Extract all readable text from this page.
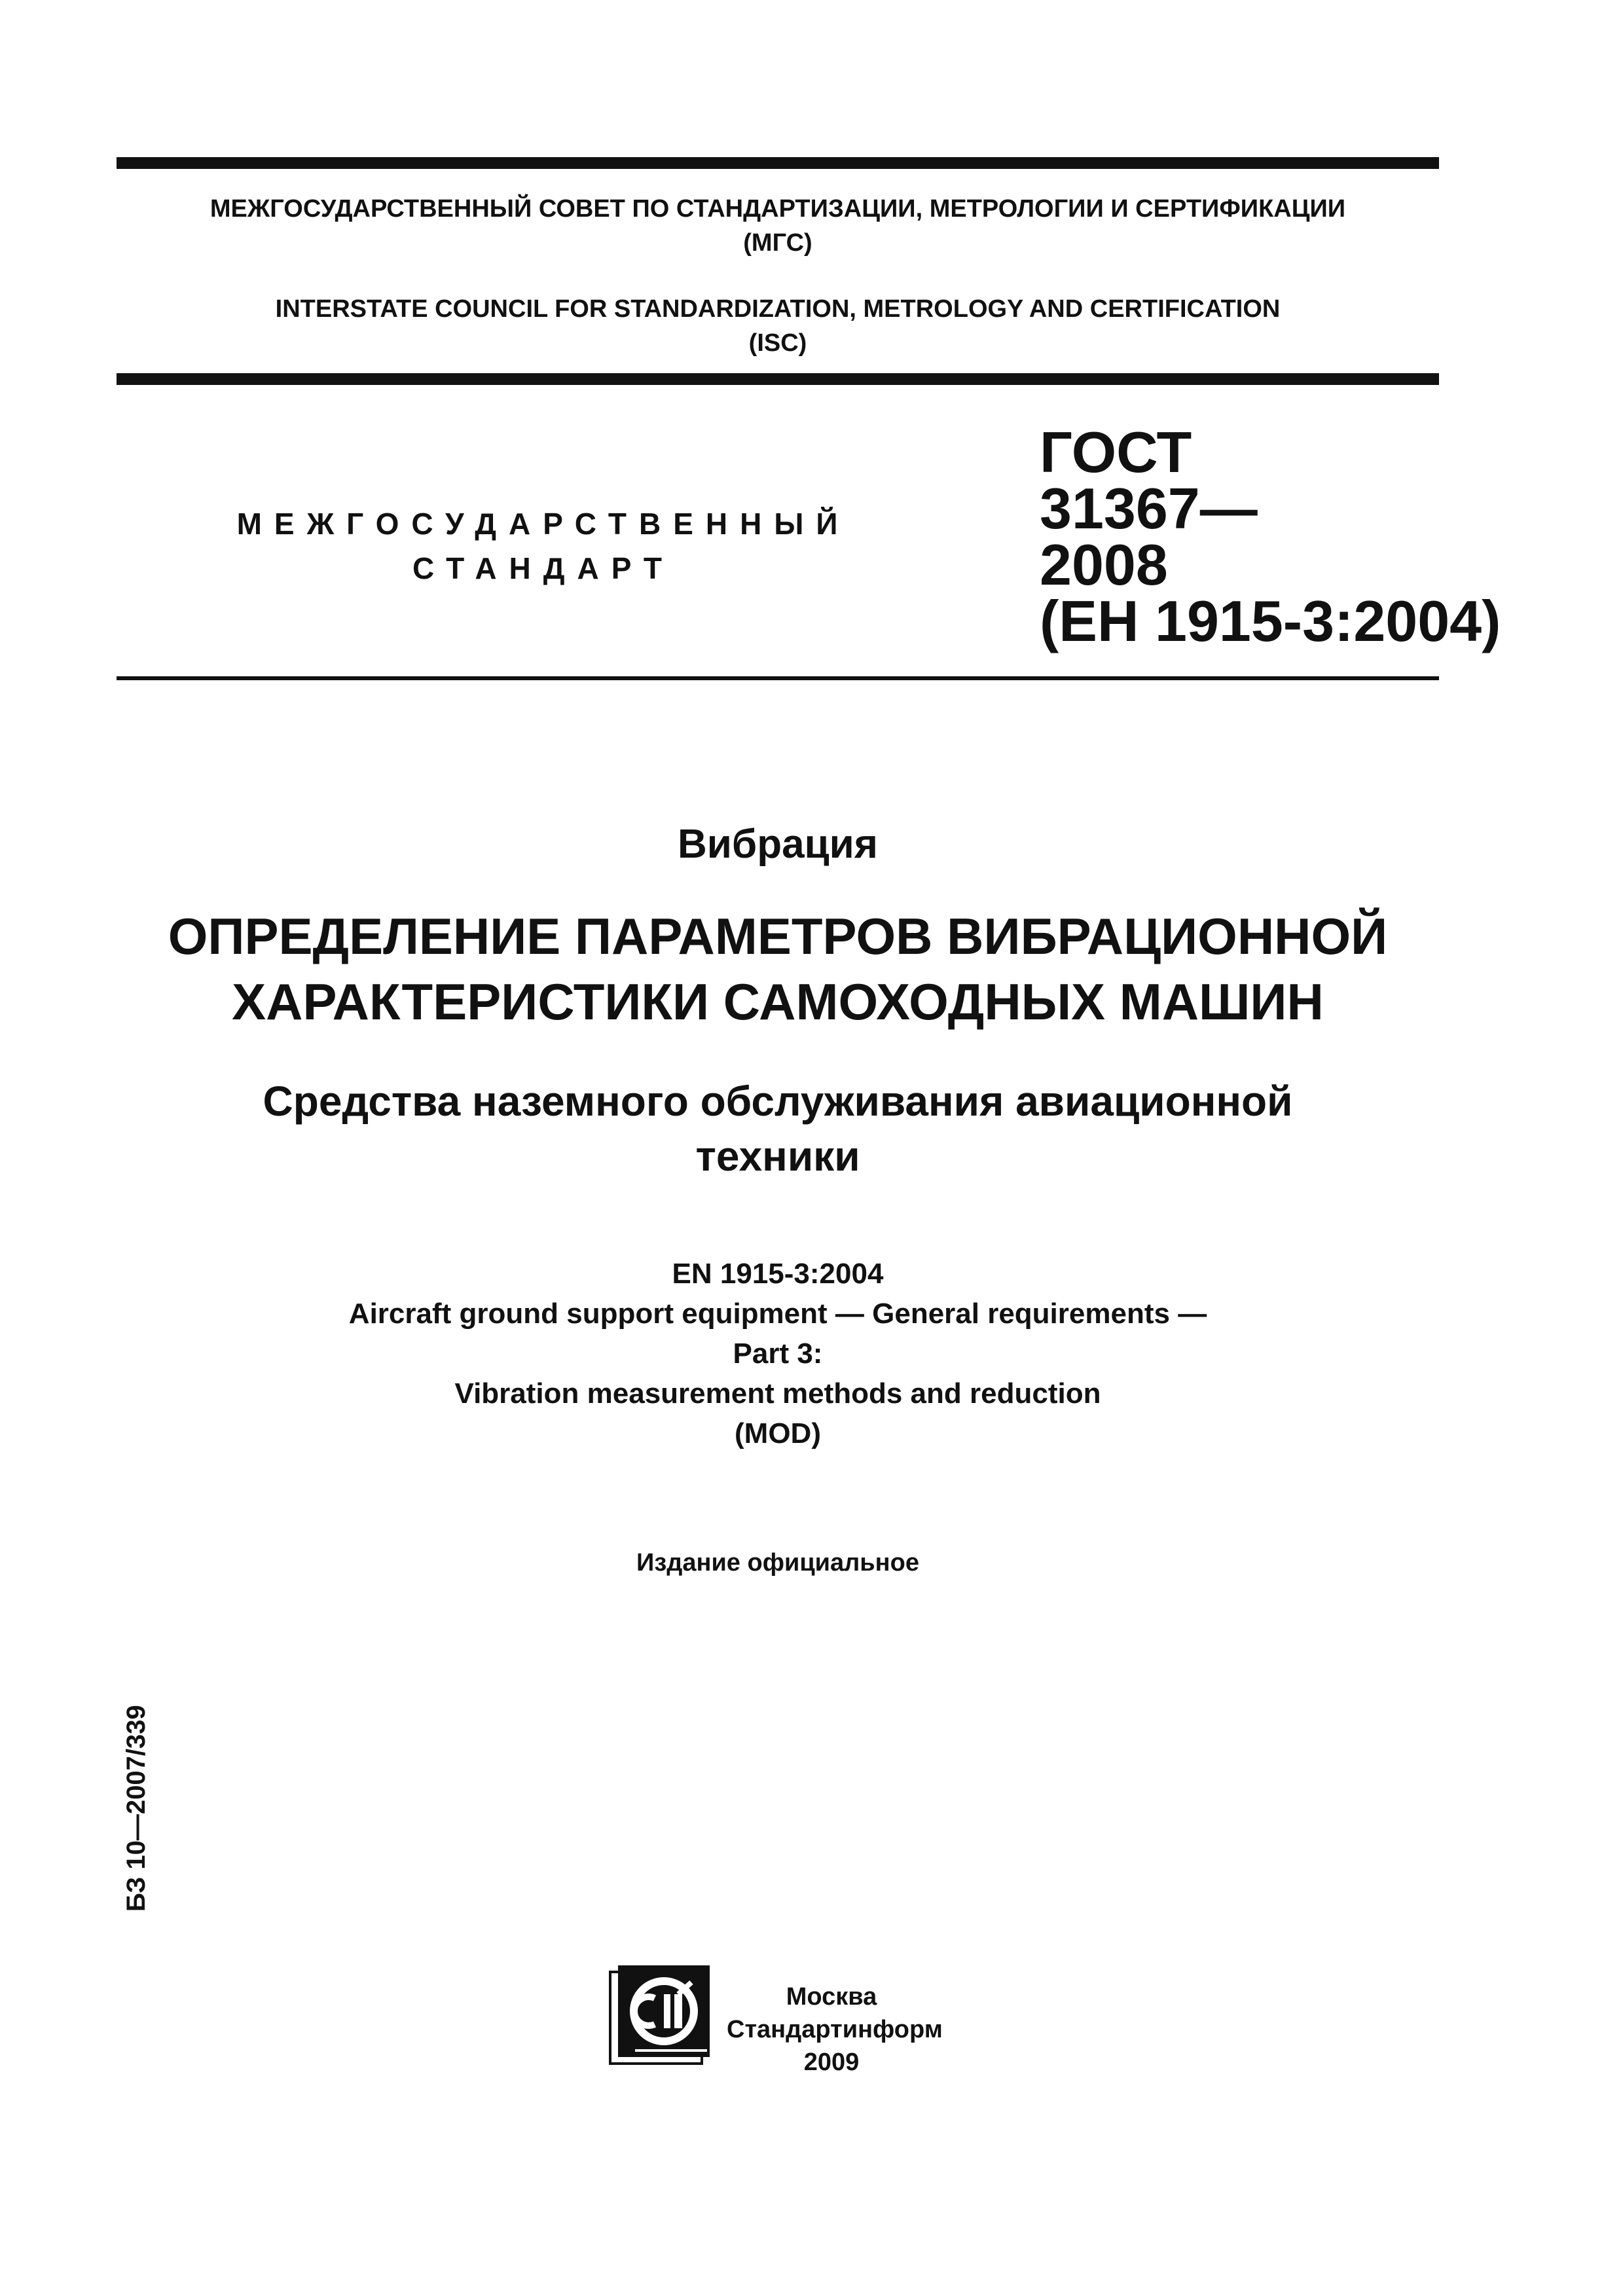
МЕЖГОСУДАРСТВЕННЫЙ СОВЕТ ПО СТАНДАРТИЗАЦИИ, МЕТРОЛОГИИ И СЕРТИФИКАЦИИ
(МГС)
INTERSTATE COUNCIL FOR STANDARDIZATION, METROLOGY AND CERTIFICATION
(ISC)
МЕЖГОСУДАРСТВЕННЫЙ
СТАНДАРТ
ГОСТ
31367—
2008
(ЕН 1915-3:2004)
Вибрация
ОПРЕДЕЛЕНИЕ ПАРАМЕТРОВ ВИБРАЦИОННОЙ
ХАРАКТЕРИСТИКИ САМОХОДНЫХ МАШИН
Средства наземного обслуживания авиационной
техники
EN 1915-3:2004
Aircraft ground support equipment — General requirements —
Part 3:
Vibration measurement methods and reduction
(MOD)
Издание официальное
БЗ 10—2007/339
Москва
Стандартинформ
2009
